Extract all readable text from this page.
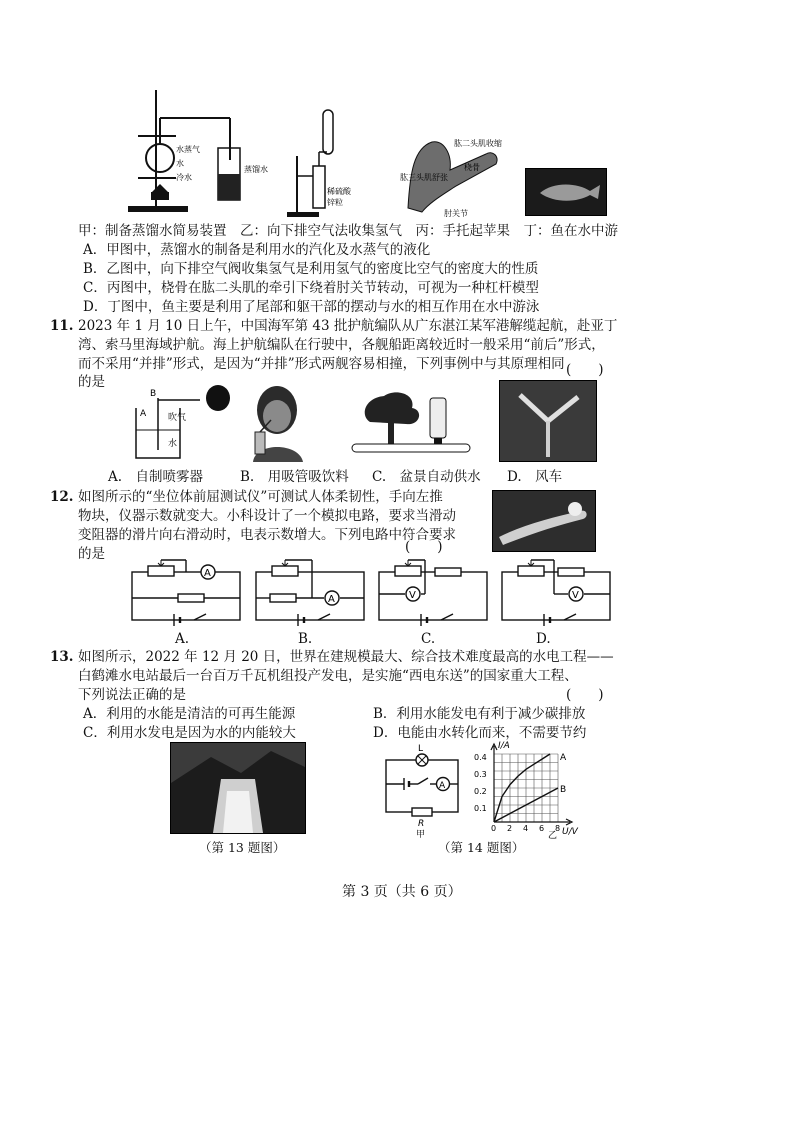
水蒸气
水
冷水
蒸馏水
稀硫酸
锌粒
肱二头肌收缩
桡骨
肱三头肌舒张
肘关节
甲：制备蒸馏水简易装置　乙：向下排空气法收集氢气　丙：手托起苹果　丁：鱼在水中游
A．甲图中，蒸馏水的制备是利用水的汽化及水蒸气的液化
B．乙图中，向下排空气阀收集氢气是利用氢气的密度比空气的密度大的性质
C．丙图中，桡骨在肱二头肌的牵引下绕着肘关节转动，可视为一种杠杆模型
D．丁图中，鱼主要是利用了尾部和躯干部的摆动与水的相互作用在水中游泳
11. 2023 年 1 月 10 日上午，中国海军第 43 批护航编队从广东湛江某军港解缆起航，赴亚丁
湾、索马里海域护航。海上护航编队在行驶中，各舰船距离较近时一般采用“前后”形式，
而不采用“并排”形式，是因为“并排”形式两舰容易相撞，下列事例中与其原理相同
的是
(　　)
A
B
吹气
水
A.　自制喷雾器	B.　用吸管吸饮料 C.　盆景自动供水 D.　风车
12. 如图所示的“坐位体前屈测试仪”可测试人体柔韧性，手向左推
物块，仪器示数就变大。小科设计了一个模拟电路，要求当滑动
变阻器的滑片向右滑动时，电表示数增大。下列电路中符合要求
的是	(　　)
A
A.
A
B.
V
C.
V
D.
13. 如图所示，2022 年 12 月 20 日，世界在建规模最大、综合技术难度最高的水电工程——
白鹤滩水电站最后一台百万千瓦机组投产发电，是实施“西电东送”的国家重大工程、
下列说法正确的是	(　　)
A．利用的水能是清洁的可再生能源	B．利用水能发电有利于减少碳排放
C．利用水发电是因为水的内能较大	D．电能由水转化而来，不需要节约
（第 13 题图）
L
A
R
甲
I/A
U/V
乙
0.4
0.3
0.2
0.1
0 2 4 6 8
A
B
（第 14 题图）
第 3 页（共 6 页）
